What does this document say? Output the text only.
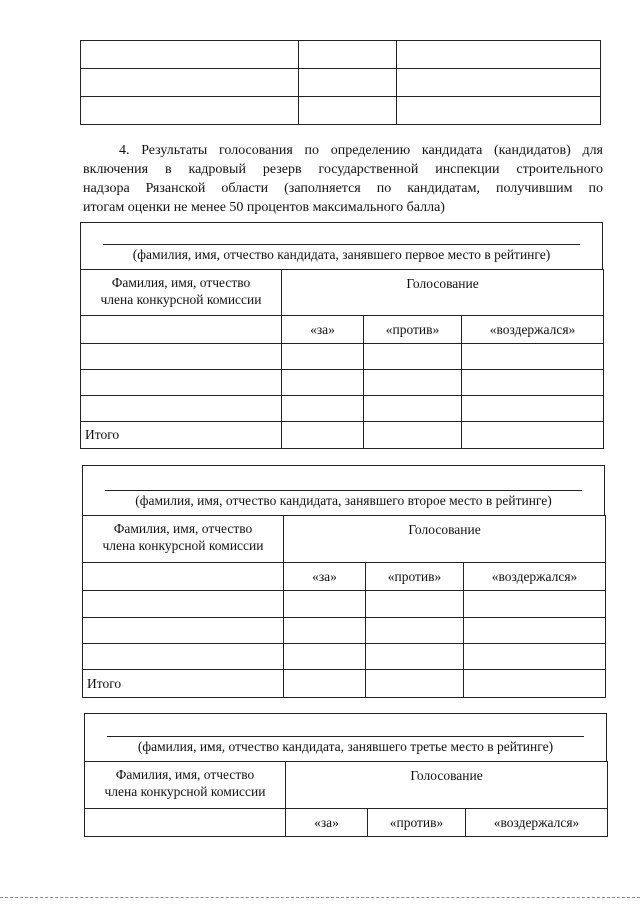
4. Результаты голосования по определению кандидата (кандидатов) для
включения в кадровый резерв государственной инспекции строительного
надзора Рязанской области (заполняется по кандидатам, получившим по
итогам оценки не менее 50 процентов максимального балла)
(фамилия, имя, отчество кандидата, занявшего первое место в рейтинге)
Фамилия, имя, отчество
члена конкурсной комиссии	Голосование		
	«за»	«против»	«воздержался»

Итого			
(фамилия, имя, отчество кандидата, занявшего второе место в рейтинге)
Фамилия, имя, отчество
члена конкурсной комиссии	Голосование		
	«за»	«против»	«воздержался»

Итого			
(фамилия, имя, отчество кандидата, занявшего третье место в рейтинге)
Фамилия, имя, отчество
члена конкурсной комиссии	Голосование		
	«за»	«против»	«воздержался»
